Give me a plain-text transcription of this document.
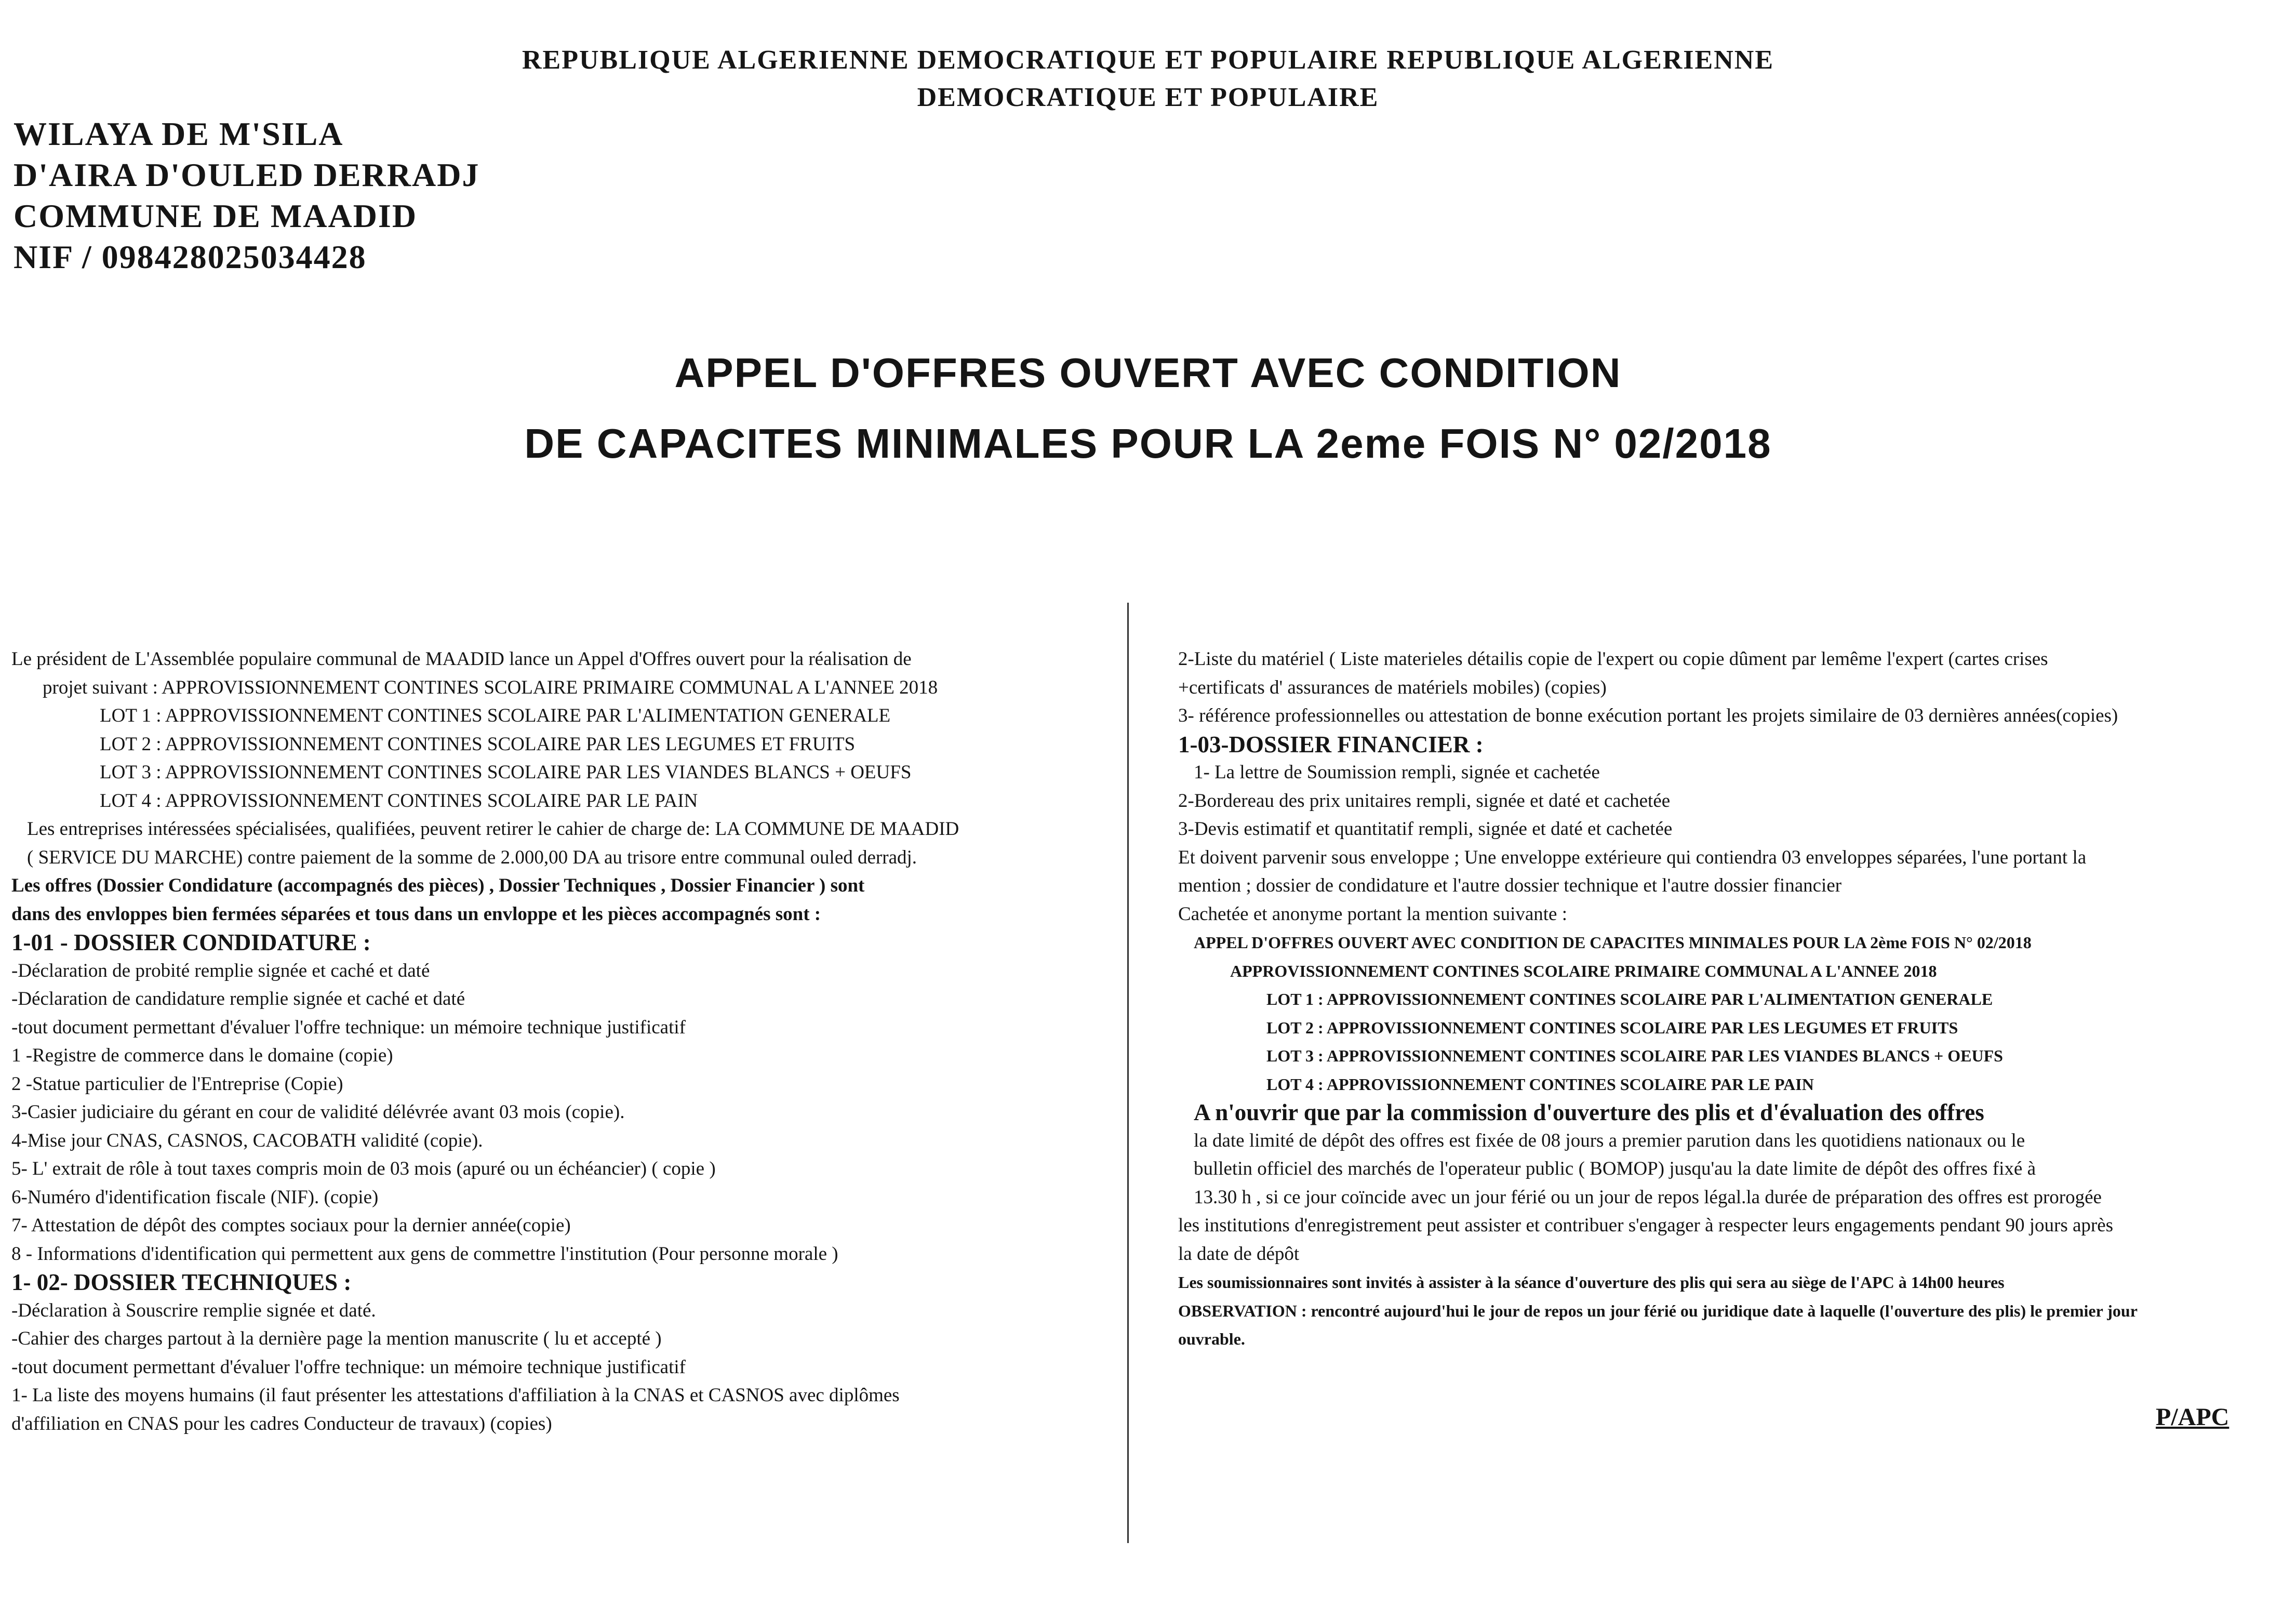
REPUBLIQUE ALGERIENNE DEMOCRATIQUE ET POPULAIRE REPUBLIQUE ALGERIENNE
DEMOCRATIQUE ET POPULAIRE
WILAYA DE M'SILA
D'AIRA D'OULED DERRADJ
COMMUNE DE MAADID
NIF / 098428025034428
APPEL D'OFFRES OUVERT AVEC CONDITION
DE CAPACITES MINIMALES POUR LA 2eme FOIS N° 02/2018
Le président de L'Assemblée populaire communal de MAADID lance un Appel d'Offres ouvert pour la réalisation de
projet suivant : APPROVISSIONNEMENT CONTINES SCOLAIRE PRIMAIRE COMMUNAL A L'ANNEE 2018
LOT 1 : APPROVISSIONNEMENT CONTINES SCOLAIRE PAR L'ALIMENTATION GENERALE
LOT 2 : APPROVISSIONNEMENT CONTINES SCOLAIRE PAR LES LEGUMES ET FRUITS
LOT 3 : APPROVISSIONNEMENT CONTINES SCOLAIRE PAR LES VIANDES BLANCS + OEUFS
LOT 4 : APPROVISSIONNEMENT CONTINES SCOLAIRE PAR LE PAIN
Les entreprises intéressées spécialisées, qualifiées, peuvent retirer le cahier de charge de: LA COMMUNE DE MAADID
( SERVICE DU MARCHE) contre paiement de la somme de 2.000,00 DA au trisore entre communal ouled derradj.
Les offres (Dossier Condidature (accompagnés des pièces) , Dossier Techniques , Dossier Financier ) sont
dans des envloppes bien fermées séparées et tous dans un envloppe et les pièces accompagnés sont :
1-01 - DOSSIER CONDIDATURE :
-Déclaration de probité remplie signée et caché et daté
-Déclaration de candidature remplie signée et caché et daté
-tout document permettant d'évaluer l'offre technique: un mémoire technique justificatif
1 -Registre de commerce dans le domaine (copie)
2 -Statue particulier de l'Entreprise (Copie)
3-Casier judiciaire du gérant en cour de validité délévrée avant 03 mois (copie).
4-Mise jour CNAS, CASNOS, CACOBATH validité (copie).
5- L' extrait de rôle à tout taxes compris moin de 03 mois (apuré ou un échéancier) ( copie )
6-Numéro d'identification fiscale (NIF). (copie)
7- Attestation de dépôt des comptes sociaux pour la dernier année(copie)
8 - Informations d'identification qui permettent aux gens de commettre l'institution (Pour personne morale )
1- 02- DOSSIER TECHNIQUES :
-Déclaration à Souscrire remplie signée et daté.
-Cahier des charges partout à la dernière page la mention manuscrite ( lu et accepté )
-tout document permettant d'évaluer l'offre technique: un mémoire technique justificatif
1- La liste des moyens humains (il faut présenter les attestations d'affiliation à la CNAS et CASNOS avec diplômes
d'affiliation en CNAS pour les cadres Conducteur de travaux) (copies)
2-Liste du matériel ( Liste materieles détailis copie de l'expert ou copie dûment par lemême l'expert (cartes crises
+certificats d' assurances de matériels mobiles) (copies)
3- référence professionnelles ou attestation de bonne exécution portant les projets similaire de 03 dernières années(copies)
1-03-DOSSIER FINANCIER :
1- La lettre de Soumission rempli, signée et cachetée
2-Bordereau des prix unitaires rempli, signée et daté et cachetée
3-Devis estimatif et quantitatif rempli, signée et daté et cachetée
Et doivent parvenir sous enveloppe ; Une enveloppe extérieure qui contiendra 03 enveloppes séparées, l'une portant la
mention ; dossier de condidature et l'autre dossier technique et l'autre dossier financier
Cachetée et anonyme portant la mention suivante :
APPEL D'OFFRES OUVERT AVEC CONDITION DE CAPACITES MINIMALES POUR LA 2ème FOIS N° 02/2018
APPROVISSIONNEMENT CONTINES SCOLAIRE PRIMAIRE COMMUNAL A L'ANNEE 2018
LOT 1 : APPROVISSIONNEMENT CONTINES SCOLAIRE PAR L'ALIMENTATION GENERALE
LOT 2 : APPROVISSIONNEMENT CONTINES SCOLAIRE PAR LES LEGUMES ET FRUITS
LOT 3 : APPROVISSIONNEMENT CONTINES SCOLAIRE PAR LES VIANDES BLANCS + OEUFS
LOT 4 : APPROVISSIONNEMENT CONTINES SCOLAIRE PAR LE PAIN
A n'ouvrir que par la commission d'ouverture des plis et d'évaluation des offres
la date limité de dépôt des offres est fixée de 08 jours a premier parution dans les quotidiens nationaux ou le
bulletin officiel des marchés de l'operateur public ( BOMOP) jusqu'au la date limite de dépôt des offres fixé à
13.30 h , si ce jour coïncide avec un jour férié ou un jour de repos légal.la durée de préparation des offres est prorogée
les institutions d'enregistrement peut assister et contribuer s'engager à respecter leurs engagements pendant 90 jours après
la date de dépôt
Les soumissionnaires sont invités à assister à la séance d'ouverture des plis qui sera au siège de l'APC à 14h00 heures
OBSERVATION : rencontré aujourd'hui le jour de repos un jour férié ou juridique date à laquelle (l'ouverture des plis) le premier jour
ouvrable.
P/APC
